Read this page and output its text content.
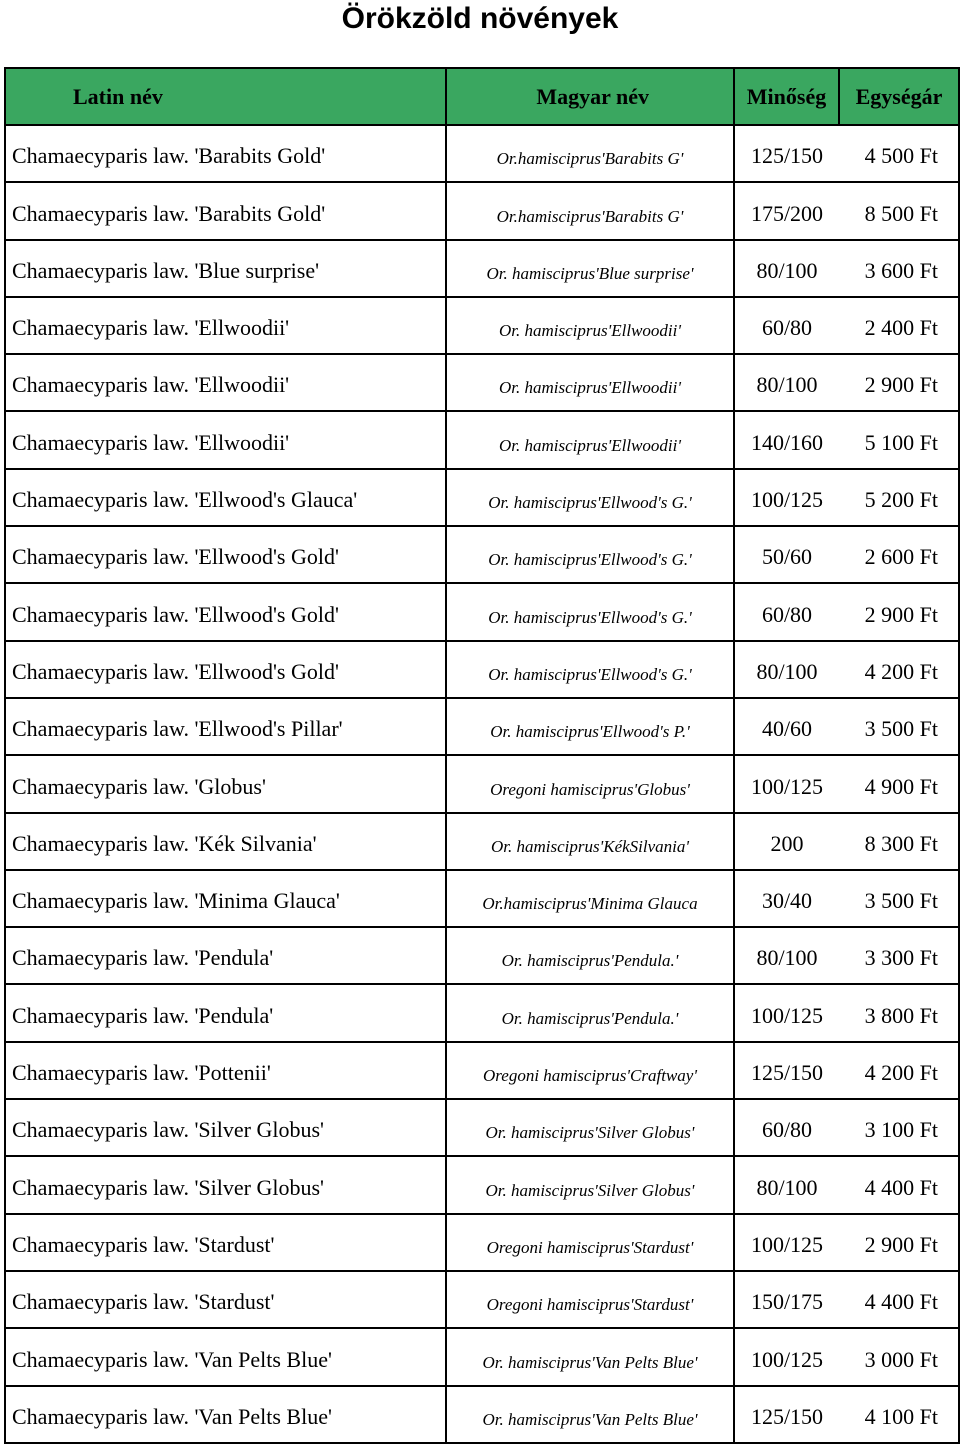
Örökzöld növények
Latin név	Magyar név	Minőség	Egységár
Chamaecyparis law. 'Barabits Gold'	Or.hamisciprus'Barabits G'	125/150	4 500 Ft
Chamaecyparis law. 'Barabits Gold'	Or.hamisciprus'Barabits G'	175/200	8 500 Ft
Chamaecyparis law. 'Blue surprise'	Or. hamisciprus'Blue surprise'	80/100	3 600 Ft
Chamaecyparis law. 'Ellwoodii'	Or. hamisciprus'Ellwoodii'	60/80	2 400 Ft
Chamaecyparis law. 'Ellwoodii'	Or. hamisciprus'Ellwoodii'	80/100	2 900 Ft
Chamaecyparis law. 'Ellwoodii'	Or. hamisciprus'Ellwoodii'	140/160	5 100 Ft
Chamaecyparis law. 'Ellwood's Glauca'	Or. hamisciprus'Ellwood's G.'	100/125	5 200 Ft
Chamaecyparis law. 'Ellwood's Gold'	Or. hamisciprus'Ellwood's G.'	50/60	2 600 Ft
Chamaecyparis law. 'Ellwood's Gold'	Or. hamisciprus'Ellwood's G.'	60/80	2 900 Ft
Chamaecyparis law. 'Ellwood's Gold'	Or. hamisciprus'Ellwood's G.'	80/100	4 200 Ft
Chamaecyparis law. 'Ellwood's Pillar'	Or. hamisciprus'Ellwood's P.'	40/60	3 500 Ft
Chamaecyparis law. 'Globus'	Oregoni hamisciprus'Globus'	100/125	4 900 Ft
Chamaecyparis law. 'Kék Silvania'	Or. hamisciprus'KékSilvania'	200	8 300 Ft
Chamaecyparis law. 'Minima Glauca'	Or.hamisciprus'Minima Glauca	30/40	3 500 Ft
Chamaecyparis law. 'Pendula'	Or. hamisciprus'Pendula.'	80/100	3 300 Ft
Chamaecyparis law. 'Pendula'	Or. hamisciprus'Pendula.'	100/125	3 800 Ft
Chamaecyparis law. 'Pottenii'	Oregoni hamisciprus'Craftway'	125/150	4 200 Ft
Chamaecyparis law. 'Silver Globus'	Or. hamisciprus'Silver Globus'	60/80	3 100 Ft
Chamaecyparis law. 'Silver Globus'	Or. hamisciprus'Silver Globus'	80/100	4 400 Ft
Chamaecyparis law. 'Stardust'	Oregoni hamisciprus'Stardust'	100/125	2 900 Ft
Chamaecyparis law. 'Stardust'	Oregoni hamisciprus'Stardust'	150/175	4 400 Ft
Chamaecyparis law. 'Van Pelts Blue'	Or. hamisciprus'Van Pelts Blue'	100/125	3 000 Ft
Chamaecyparis law. 'Van Pelts Blue'	Or. hamisciprus'Van Pelts Blue'	125/150	4 100 Ft
